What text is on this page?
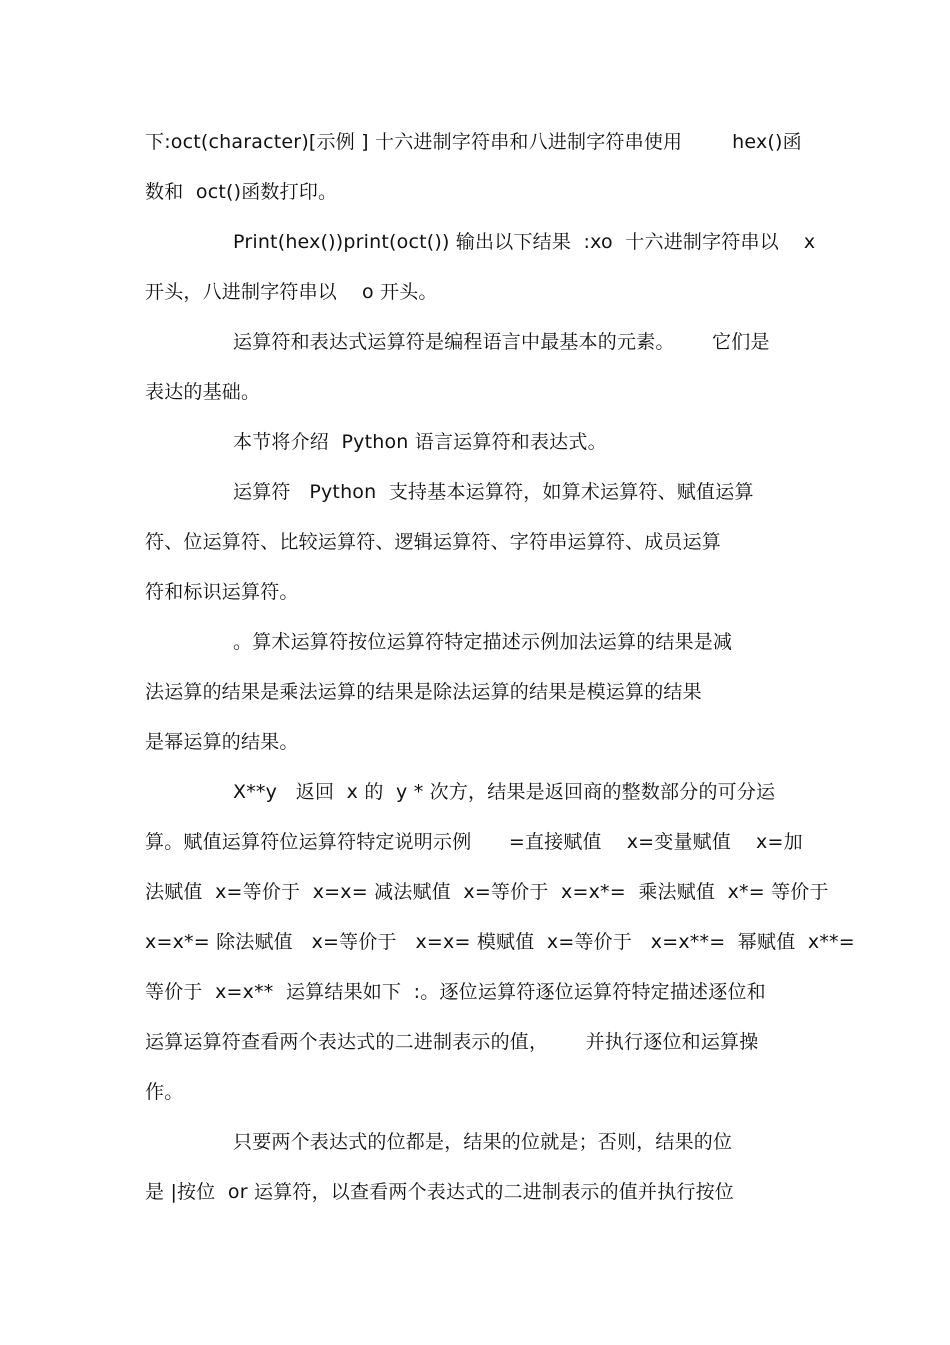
下:oct(character)[示例 ] 十六进制字符串和八进制字符串使用        hex()函
数和  oct()函数打印。
Print(hex())print(oct()) 输出以下结果  :xo  十六进制字符串以    x
开头，八进制字符串以    o 开头。
运算符和表达式运算符是编程语言中最基本的元素。      它们是
表达的基础。
本节将介绍  Python 语言运算符和表达式。
运算符   Python  支持基本运算符，如算术运算符、赋值运算
符、位运算符、比较运算符、逻辑运算符、字符串运算符、成员运算
符和标识运算符。
。算术运算符按位运算符特定描述示例加法运算的结果是减
法运算的结果是乘法运算的结果是除法运算的结果是模运算的结果
是幂运算的结果。
X**y   返回  x 的  y * 次方，结果是返回商的整数部分的可分运
算。赋值运算符位运算符特定说明示例      =直接赋值    x=变量赋值    x=加
法赋值  x=等价于  x=x= 减法赋值  x=等价于  x=x*=  乘法赋值  x*= 等价于
x=x*= 除法赋值   x=等价于   x=x= 模赋值  x=等价于   x=x**=  幂赋值  x**=
等价于  x=x**  运算结果如下  :。逐位运算符逐位运算符特定描述逐位和
运算运算符查看两个表达式的二进制表示的值，      并执行逐位和运算操
作。
只要两个表达式的位都是，结果的位就是；否则，结果的位
是 |按位  or 运算符，以查看两个表达式的二进制表示的值并执行按位
